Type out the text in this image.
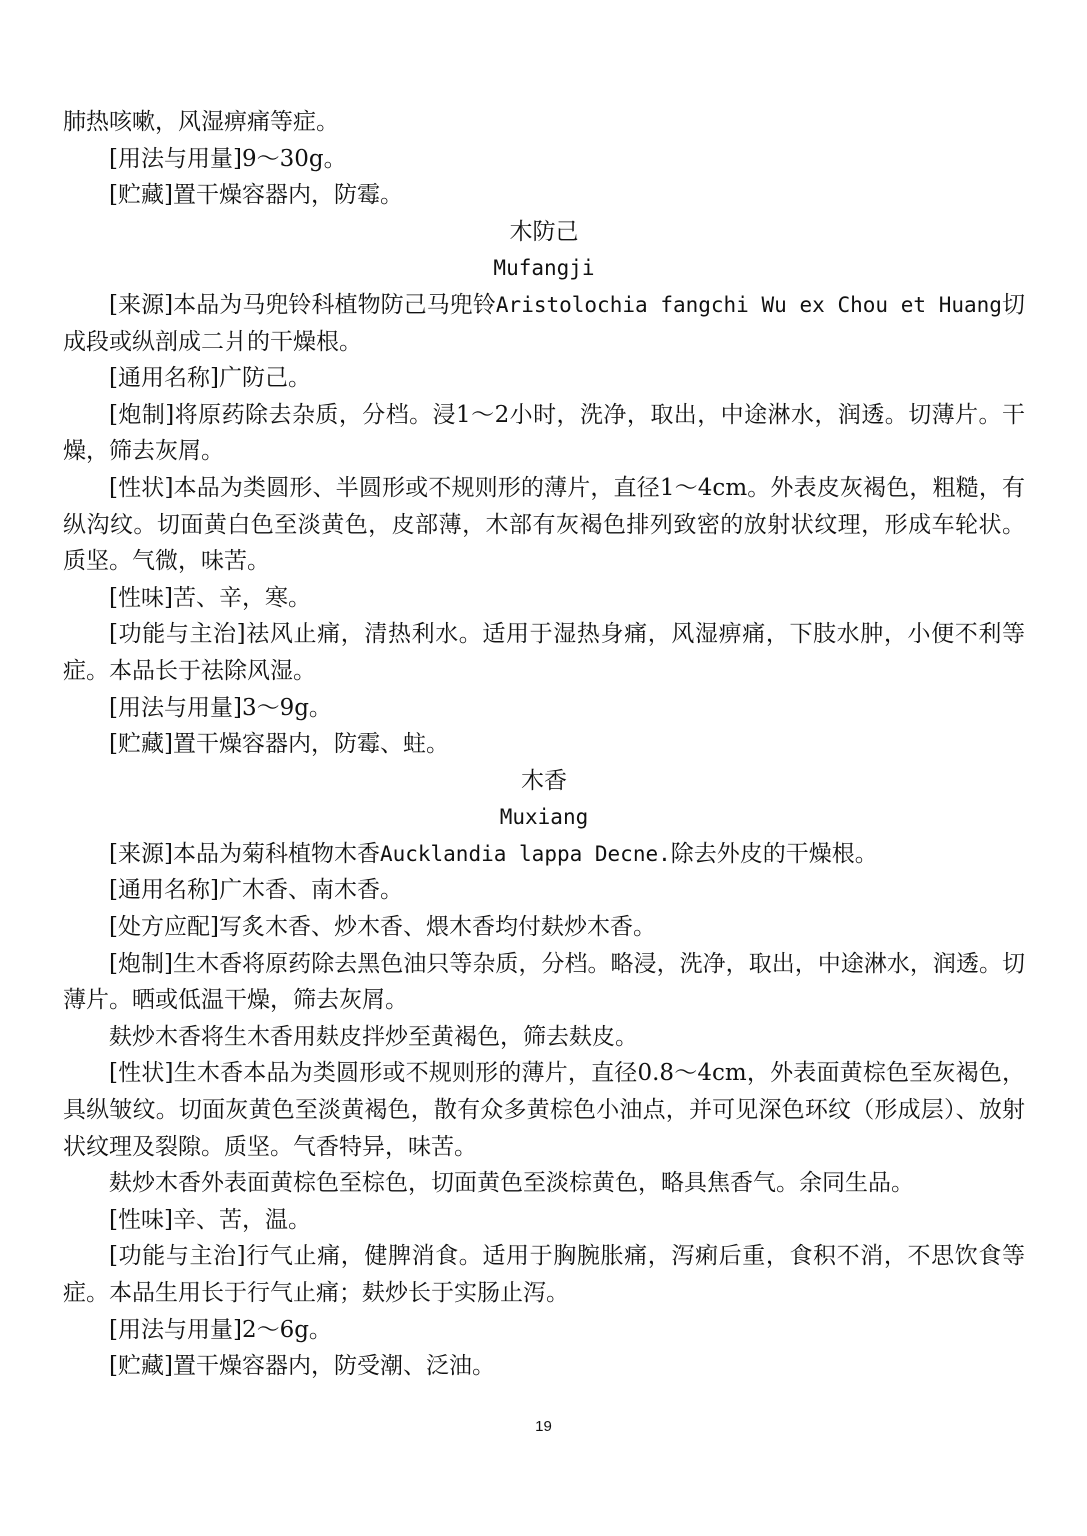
肺热咳嗽，风湿痹痛等症。

[用法与用量]9～30g。

[贮藏]置干燥容器内，防霉。

木防己

Mufangji

[来源]本品为马兜铃科植物防己马兜铃Aristolochia fangchi Wu ex Chou et Huang切成段或纵剖成二爿的干燥根。

[通用名称]广防己。

[炮制]将原药除去杂质，分档。浸1～2小时，洗净，取出，中途淋水，润透。切薄片。干燥，筛去灰屑。

[性状]本品为类圆形、半圆形或不规则形的薄片，直径1～4cm。外表皮灰褐色，粗糙，有纵沟纹。切面黄白色至淡黄色，皮部薄，木部有灰褐色排列致密的放射状纹理，形成车轮状。质坚。气微，味苦。

[性味]苦、辛，寒。

[功能与主治]祛风止痛，清热利水。适用于湿热身痛，风湿痹痛，下肢水肿，小便不利等症。本品长于祛除风湿。

[用法与用量]3～9g。

[贮藏]置干燥容器内，防霉、蛀。

木香

Muxiang

[来源]本品为菊科植物木香Aucklandia lappa Decne.除去外皮的干燥根。

[通用名称]广木香、南木香。

[处方应配]写炙木香、炒木香、煨木香均付麸炒木香。

[炮制]生木香将原药除去黑色油只等杂质，分档。略浸，洗净，取出，中途淋水，润透。切薄片。晒或低温干燥，筛去灰屑。

麸炒木香将生木香用麸皮拌炒至黄褐色，筛去麸皮。

[性状]生木香本品为类圆形或不规则形的薄片，直径0.8～4cm，外表面黄棕色至灰褐色，具纵皱纹。切面灰黄色至淡黄褐色，散有众多黄棕色小油点，并可见深色环纹（形成层）、放射状纹理及裂隙。质坚。气香特异，味苦。

麸炒木香外表面黄棕色至棕色，切面黄色至淡棕黄色，略具焦香气。余同生品。

[性味]辛、苦，温。

[功能与主治]行气止痛，健脾消食。适用于胸腕胀痛，泻痢后重，食积不消，不思饮食等症。本品生用长于行气止痛；麸炒长于实肠止泻。

[用法与用量]2～6g。

[贮藏]置干燥容器内，防受潮、泛油。

19
